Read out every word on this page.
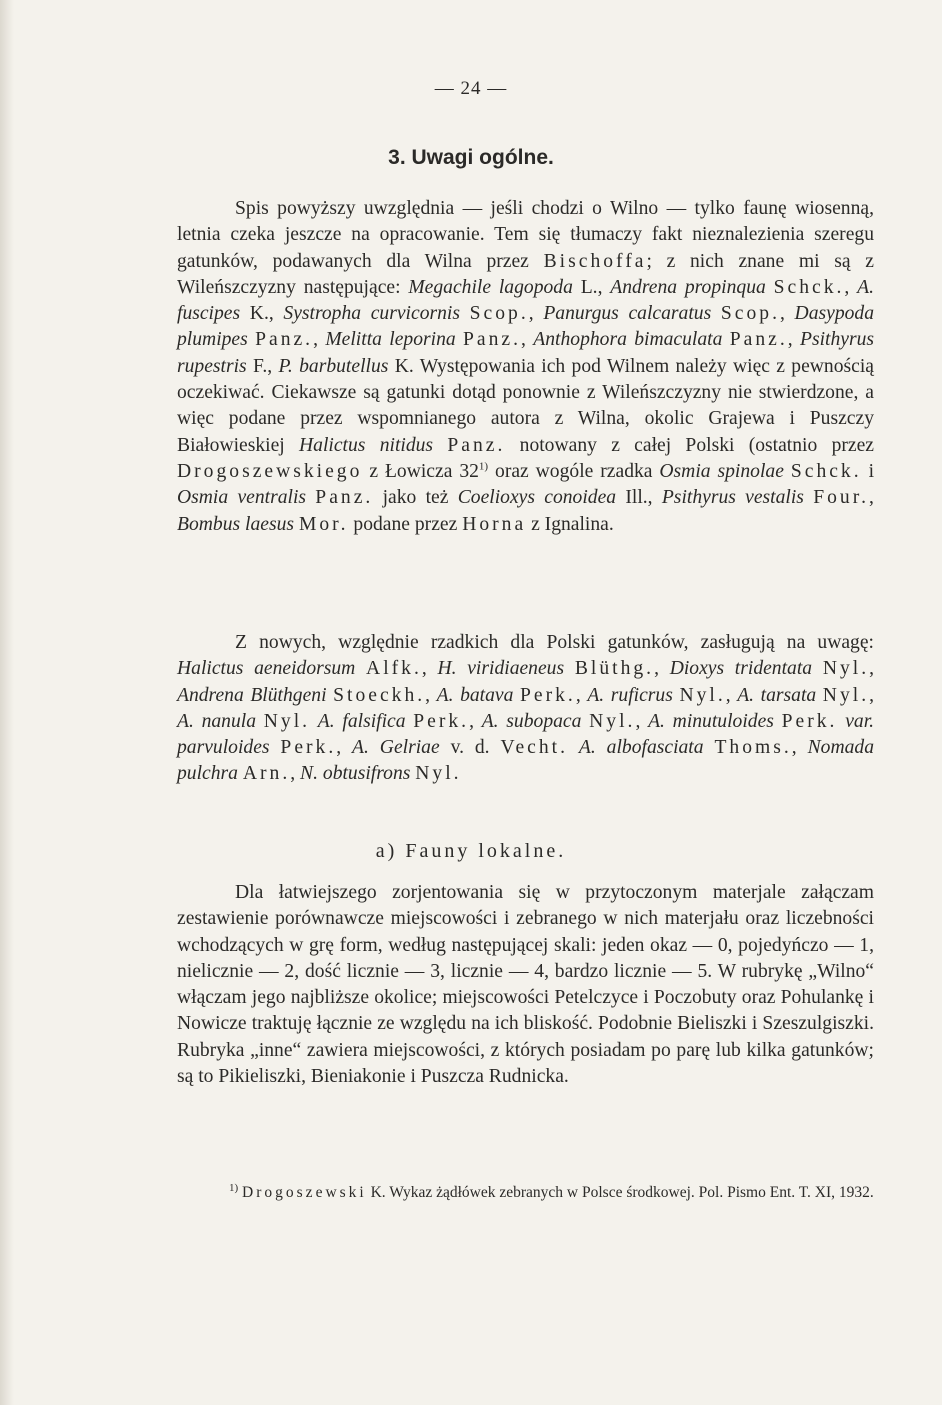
— 24 —
3. Uwagi ogólne.

Spis powyższy uwzględnia — jeśli chodzi o Wilno — tylko faunę wiosenną, letnia czeka jeszcze na opracowanie. Tem się tłumaczy fakt nieznalezienia szeregu gatunków, podawanych dla Wilna przez Bischoffa; z nich znane mi są z Wileńszczyzny następujące: Megachile lagopoda L., Andrena propinqua Schck., A. fuscipes K., Systropha curvicornis Scop., Panurgus calcaratus Scop., Dasypoda plumipes Panz., Melitta leporina Panz., Anthophora bimaculata Panz., Psithyrus rupestris F., P. barbutellus K. Występowania ich pod Wilnem należy więc z pewnością oczekiwać. Ciekawsze są gatunki dotąd ponownie z Wileńszczyzny nie stwierdzone, a więc podane przez wspomnianego autora z Wilna, okolic Grajewa i Puszczy Białowieskiej Halictus nitidus Panz. notowany z całej Polski (ostatnio przez Drogoszewskiego z Łowicza 32$^{1)}$ oraz wogóle rzadka Osmia spinolae Schck. i Osmia ventralis Panz. jako też Coelioxys conoidea Ill., Psithyrus vestalis Four., Bombus laesus Mor. podane przez Horna z Ignalina.

Z nowych, względnie rzadkich dla Polski gatunków, zasługują na uwagę: Halictus aeneidorsum Alfk., H. viridiaeneus Blüthg., Dioxys tridentata Nyl., Andrena Blüthgeni Stoeckh., A. batava Perk., A. ruficrus Nyl., A. tarsata Nyl., A. nanula Nyl. A. falsifica Perk., A. subopaca Nyl., A. minutuloides Perk. var. parvuloides Perk., A. Gelriae v. d. Vecht. A. albofasciata Thoms., Nomada pulchra Arn., N. obtusifrons Nyl.

a) Fauny lokalne.

Dla łatwiejszego zorjentowania się w przytoczonym materjale załączam zestawienie porównawcze miejscowości i zebranego w nich materjału oraz liczebności wchodzących w grę form, według następującej skali: jeden okaz — 0, pojedyńczo — 1, nielicznie — 2, dość licznie — 3, licznie — 4, bardzo licznie — 5. W rubrykę „Wilno“ włączam jego najbliższe okolice; miejscowości Petelczyce i Poczobuty oraz Pohulankę i Nowicze traktuję łącznie ze względu na ich bliskość. Podobnie Bieliszki i Szeszulgiszki. Rubryka „inne“ zawiera miejscowości, z których posiadam po parę lub kilka gatunków; są to Pikieliszki, Bieniakonie i Puszcza Rudnicka.

$^{1)}$ Drogoszewski K. Wykaz żądłówek zebranych w Polsce środkowej. Pol. Pismo Ent. T. XI, 1932.
